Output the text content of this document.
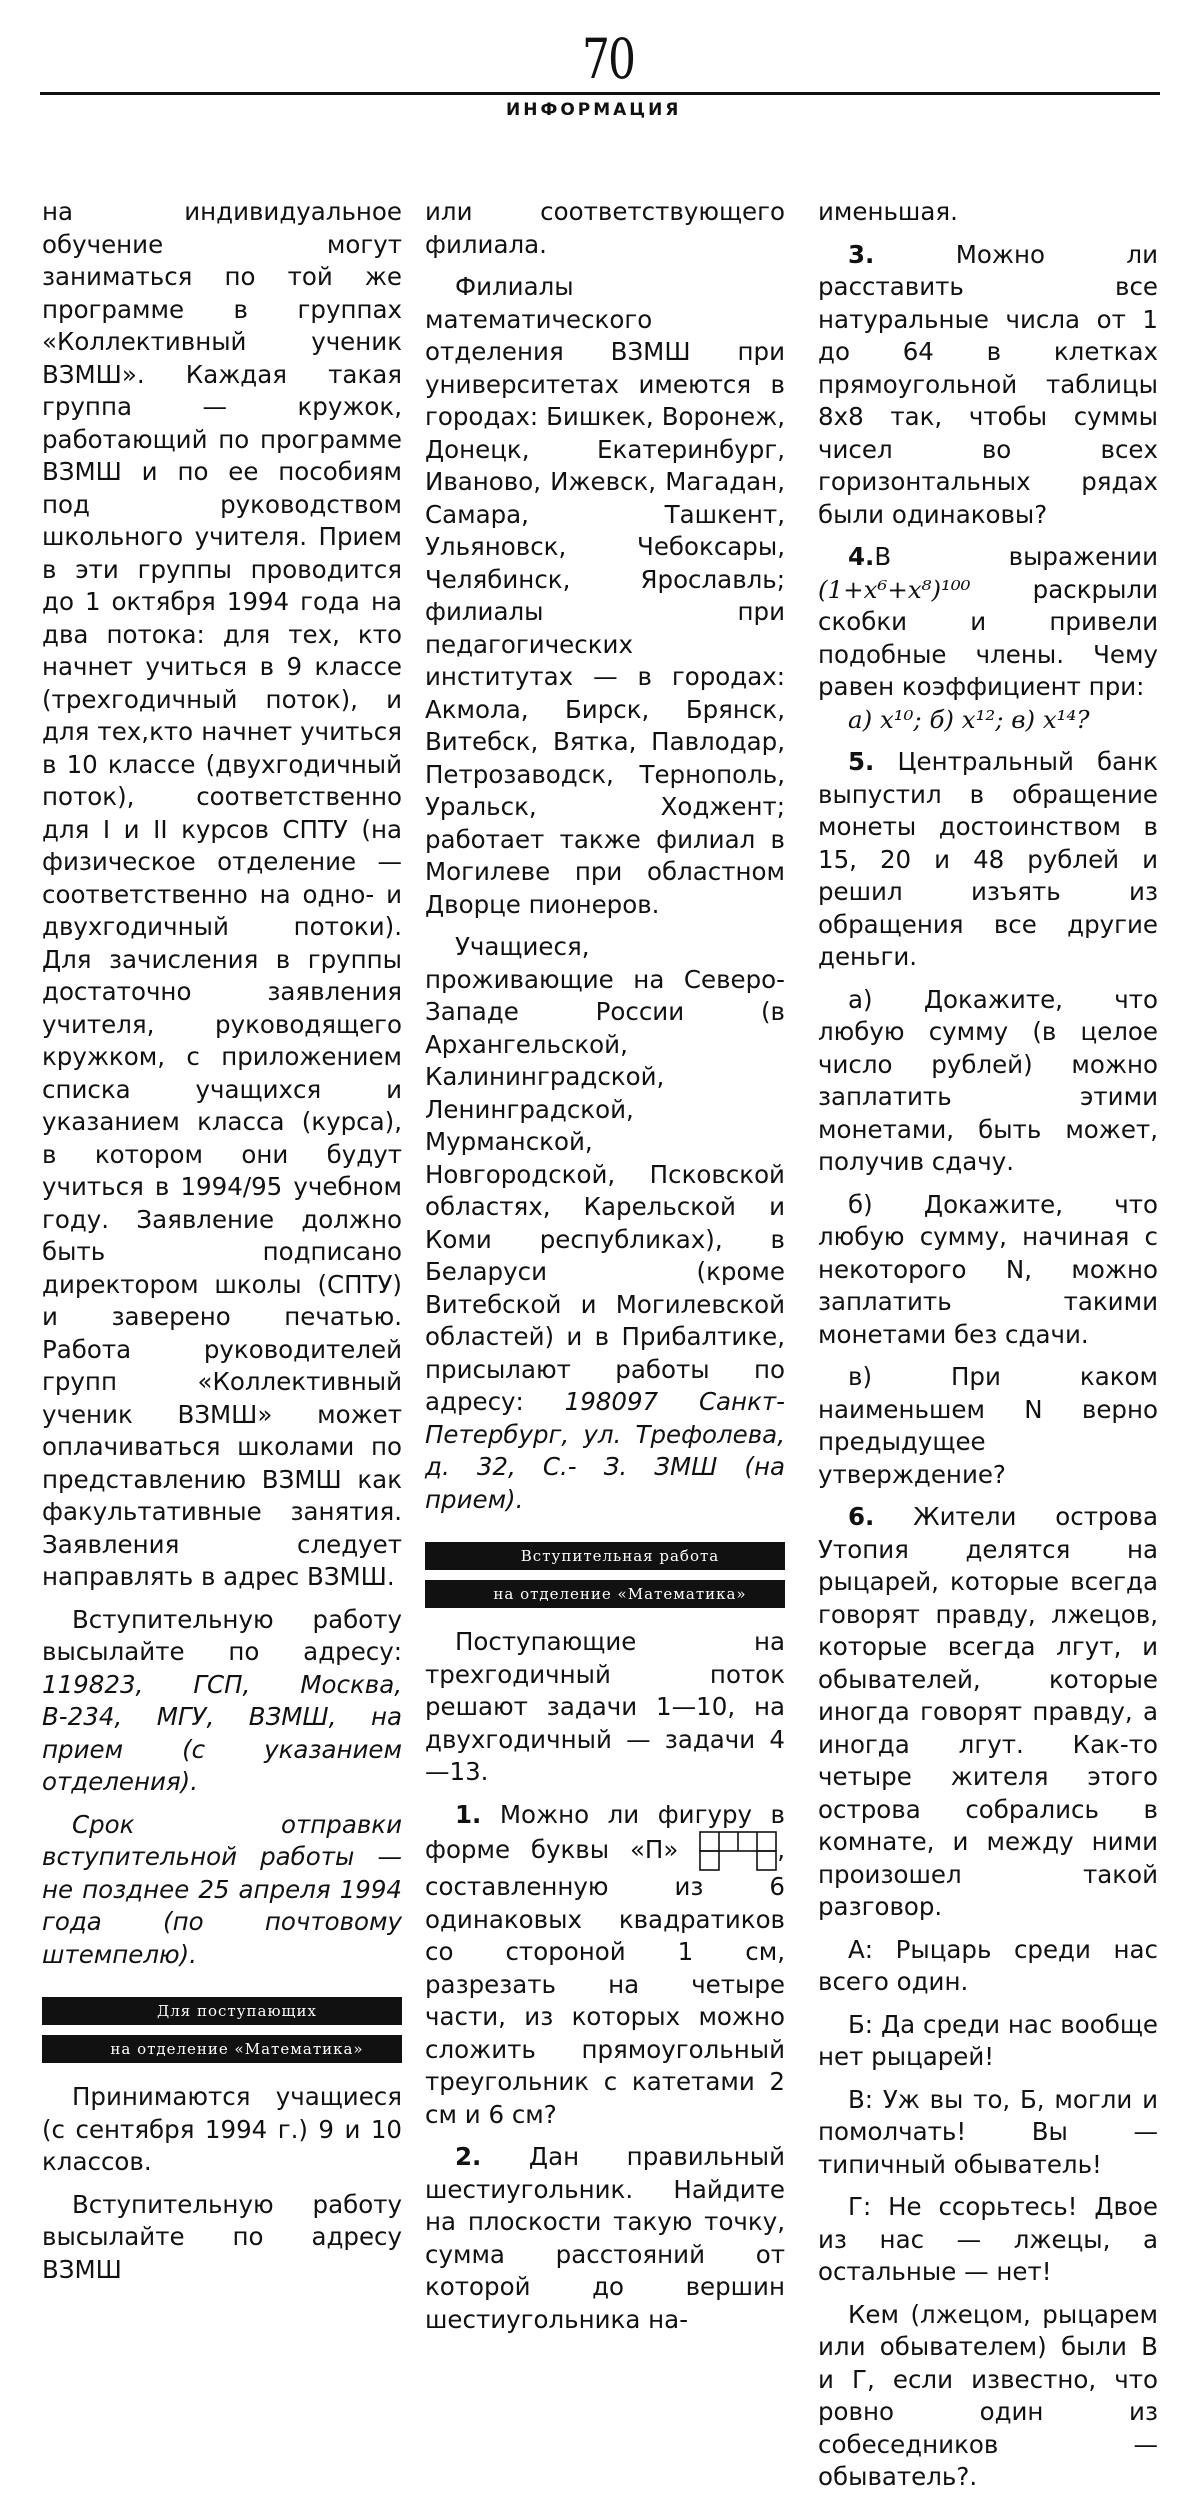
70
ИНФОРМАЦИЯ

на индивидуальное обучение могут заниматься по той же программе в группах «Коллективный ученик ВЗМШ». Каждая такая группа — кружок, работающий по программе ВЗМШ и по ее пособиям под руководством школьного учителя. Прием в эти группы проводится до 1 октября 1994 года на два потока: для тех, кто начнет учиться в 9 классе (трехгодичный поток), и для тех,кто начнет учиться в 10 классе (двухгодичный поток), соответственно для I и II курсов СПТУ (на физическое отделение — соответственно на одно- и двухгодичный потоки). Для зачисления в группы достаточно заявления учителя, руководящего кружком, с приложением списка учащихся и указанием класса (курса), в котором они будут учиться в 1994/95 учебном году. Заявление должно быть подписано директором школы (СПТУ) и заверено печатью. Работа руководителей групп «Коллективный ученик ВЗМШ» может оплачиваться школами по представлению ВЗМШ как факультативные занятия. Заявления следует направлять в адрес ВЗМШ.

Вступительную работу высылайте по адресу: 119823, ГСП, Москва, В-234, МГУ, ВЗМШ, на прием (с указанием отделения).

Срок отправки вступительной работы — не позднее 25 апреля 1994 года (по почтовому штемпелю).

Для поступающих

на отделение «Математика»

Принимаются учащиеся (с сентября 1994 г.) 9 и 10 классов.

Вступительную работу высылайте по адресу ВЗМШ

или соответствующего филиала.

Филиалы математического отделения ВЗМШ при университетах имеются в городах: Бишкек, Воронеж, Донецк, Екатеринбург, Иваново, Ижевск, Магадан, Самара, Ташкент, Ульяновск, Чебоксары, Челябинск, Ярославль; филиалы при педагогических институтах — в городах: Акмола, Бирск, Брянск, Витебск, Вятка, Павлодар, Петрозаводск, Тернополь, Уральск, Ходжент; работает также филиал в Могилеве при областном Дворце пионеров.

Учащиеся, проживающие на Северо-Западе России (в Архангельской, Калининградской, Ленинградской, Мурманской, Новгородской, Псковской областях, Карельской и Коми республиках), в Беларуси (кроме Витебской и Могилевской областей) и в Прибалтике, присылают работы по адресу: 198097 Санкт-Петербург, ул. Трефолева, д. 32, С.- З. ЗМШ (на прием).

Вступительная работа

на отделение «Математика»

Поступающие на трехгодичный поток решают задачи 1—10, на двухгодичный — задачи 4—13.

1. Можно ли фигуру в форме буквы «П»	, составленную из 6 одинаковых квадратиков со стороной 1 см, разрезать на четыре части, из которых можно сложить прямоугольный треугольник с катетами 2 см и 6 см?

2. Дан правильный шестиугольник. Найдите на плоскости такую точку, сумма расстояний от которой до вершин шестиугольника на-

именьшая.

3. Можно ли расставить все натуральные числа от 1 до 64 в клетках прямоугольной таблицы 8х8 так, чтобы суммы чисел во всех горизонтальных рядах были одинаковы?

4.В выражении (1+x⁶+x⁸)¹⁰⁰ раскрыли скобки и привели подобные члены. Чему равен коэффициент при:

а) x¹⁰; б) x¹²; в) x¹⁴?

5. Центральный банк выпустил в обращение монеты достоинством в 15, 20 и 48 рублей и решил изъять из обращения все другие деньги.

а) Докажите, что любую сумму (в целое число рублей) можно заплатить этими монетами, быть может, получив сдачу.

б) Докажите, что любую сумму, начиная с некоторого N, можно заплатить такими монетами без сдачи.

в) При каком наименьшем N верно предыдущее утверждение?

6. Жители острова Утопия делятся на рыцарей, которые всегда говорят правду, лжецов, которые всегда лгут, и обывателей, которые иногда говорят правду, а иногда лгут. Как-то четыре жителя этого острова собрались в комнате, и между ними произошел такой разговор.

А: Рыцарь среди нас всего один.

Б: Да среди нас вообще нет рыцарей!

В: Уж вы то, Б, могли и помолчать! Вы — типичный обыватель!

Г: Не ссорьтесь! Двое из нас — лжецы, а остальные — нет!

Кем (лжецом, рыцарем или обывателем) были В и Г, если известно, что ровно один из собеседников — обыватель?.
